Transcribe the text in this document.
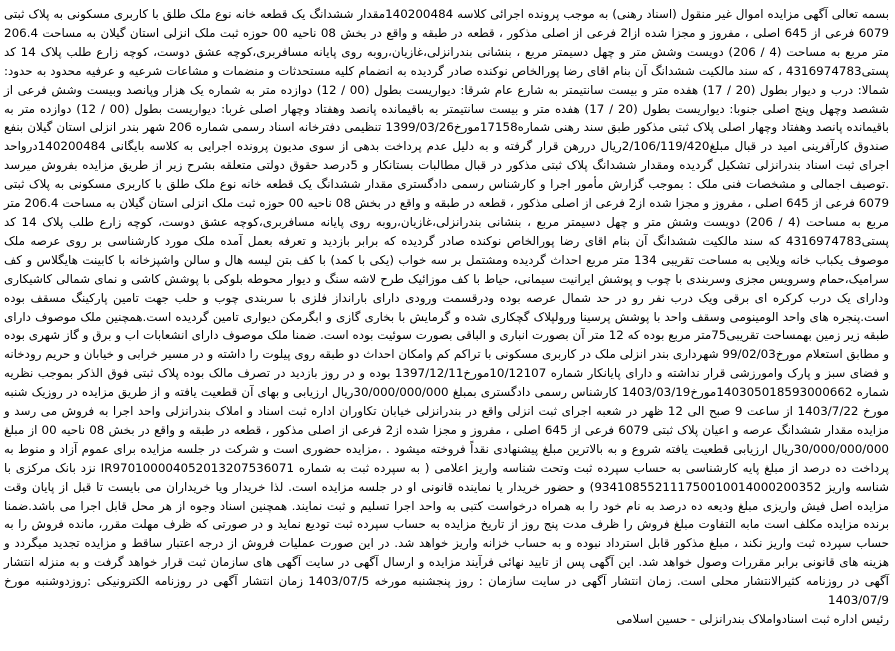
بسمه تعالی آگهی مزایده اموال غیر منقول (اسناد رهنی) به موجب پرونده اجرائی کلاسه 140200484مقدار ششدانگ یک قطعه خانه نوع ملک طلق با کاربری مسکونی به پلاک ثبتی 6079 فرعی از 645 اصلی ، مفروز و مجزا شده ازا2 فرعی از اصلی مذکور ، قطعه در طبقه و واقع در بخش 08 ناحیه 00 حوزه ثبت ملک انزلی استان گیلان به مساحت 206.4 متر مربع به مساحت (4 / 206) دویست وشش متر و چهل دسیمتر مربع ، بنشانی بندرانزلی،غازیان،روبه روی پایانه مسافربری،کوچه عشق دوست، کوچه زارع طلب پلاک 14 کد پستی4316974783 ، که سند مالکیت ششدانگ آن بنام اقای رضا پورالخاص نوکنده صادر گردیده به انضمام کلیه مستحدثات و منضمات و مشاعات شرعیه و عرفیه محدود به حدود: شمالا: درب و دیوار بطول (20 / 17) هفده متر و بیست سانتیمتر به شارع عام شرقا: دیواریست بطول (00 / 12) دوازده متر به شماره یک هزار وپانصد وبیست وشش فرعی از ششصد وچهل وپنج اصلی جنوبا: دیواریست بطول (20 / 17) هفده متر و بیست سانتیمتر به باقیمانده پانصد وهفتاد وچهار اصلی غربا: دیواریست بطول (00 / 12) دوازده متر به باقیمانده پانصد وهفتاد وچهار اصلی پلاک ثبتی مذکور طبق سند رهنی شماره17158مورخ1399/03/26 تنظیمی دفترخانه اسناد رسمی شماره 206 شهر بندر انزلی استان گیلان بنفع صندوق کارآفرینی امید در قبال مبلغ2/106/119/420ریال دررهن قرار گرفته و به دلیل عدم پرداخت بدهی از سوی مدیون پرونده اجرایی به کلاسه بایگانی 140200484درواحد اجرای ثبت اسناد بندرانزلی تشکیل گردیده ومقدار ششدانگ پلاک ثبتی مذکور در قبال مطالبات بستانکار و 5درصد حقوق دولتی متعلقه بشرح زیر از طریق مزایده بفروش میرسد .توصیف اجمالی و مشخصات فنی ملک : بموجب گزارش مأمور اجرا و کارشناس رسمی دادگستری مقدار ششدانگ یک قطعه خانه نوع ملک طلق با کاربری مسکونی به پلاک ثبتی 6079 فرعی از 645 اصلی ، مفروز و مجزا شده از2 فرعی از اصلی مذکور ، قطعه در طبقه و واقع در بخش 08 ناحیه 00 حوزه ثبت ملک انزلی استان گیلان به مساحت 206.4 متر مربع به مساحت (4 / 206) دویست وشش متر و چهل دسیمتر مربع ، بنشانی بندرانزلی،غازیان،روبه روی پایانه مسافربری،کوچه عشق دوست، کوچه زارع طلب پلاک 14 کد پستی4316974783 که سند مالکیت ششدانگ آن بنام اقای رضا پورالخاص نوکنده صادر گردیده که برابر بازدید و تعرفه بعمل آمده ملک مورد کارشناسی بر روی عرصه ملک موصوف یکباب خانه ویلایی به مساحت تقریبی 134 متر مربع احداث گردیده ومشتمل بر سه خواب (یکی با کمد) با کف بتن لیسه هال و سالن واشپزخانه با کابینت هایگلاس و کف سرامیک،حمام وسرویس مجزی وسربندی با چوب و پوشش ایرانیت سیمانی، حیاط با کف موزائیک طرح لاشه سنگ و دیوار محوطه بلوکی با پوشش کاشی و نمای شمالی کاشیکاری ودارای یک درب کرکره ای برقی ویک درب نفر رو در حد شمال عرصه بوده ودرقسمت ورودی دارای بارانداز فلزی با سربندی چوب و حلب جهت تامین پارکینگ مسقف بوده است.پنجره های واحد الومینومی وسقف واحد با پوشش پرسینا ورولپلاک گچکاری شده و گرمایش با بخاری گازی و ابگرمکن دیواری تامین گردیده است.همچنین ملک موصوف دارای طبقه زیر زمین بهمساحت تقریبی75متر مربع بوده که 12 متر آن بصورت انباری و الباقی بصورت سوئیت بوده است. ضمنا ملک موصوف دارای انشعابات اب و برق و گاز شهری بوده و مطابق استعلام مورخ99/02/03 شهرداری بندر انزلی ملک در کاربری مسکونی با تراکم کم وامکان احداث دو طبقه روی پیلوت را داشته و در مسیر خرابی و خیابان و حریم رودخانه و فضای سبز و پارک وامورزشی قرار نداشته و دارای پایانکار شماره 10/12107مورخ1397/12/11 بوده و در روز بازدید در تصرف مالک بوده پلاک ثبتی فوق الذکر بموجب نظریه شماره 140305018593000662مورخ1403/03/19 کارشناس رسمی دادگستری بمبلغ 30/000/000/000ریال ارزیابی و بهای آن قطعیت یافته و از طریق مزایده در روزیک شنبه مورخ 1403/7/22 از ساعت 9 صبح الی 12 ظهر در شعبه اجرای ثبت انزلی واقع در بندرانزلی خیابان تکاوران اداره ثبت اسناد و املاک بندرانزلی واحد اجرا به فروش می رسد و مزایده مقدار ششدانگ عرصه و اعیان پلاک ثبتی 6079 فرعی از 645 اصلی ، مفروز و مجزا شده از2 فرعی از اصلی مذکور ، قطعه در طبقه و واقع در بخش 08 ناحیه 00 از مبلغ 30/000/000/000ریال ارزیابی قطعیت یافته شروع و به بالاترین مبلغ پیشنهادی نقداً فروخته میشود . ،مزایده حضوری است و شرکت در جلسه مزایده برای عموم آزاد و منوط به پرداخت ده درصد از مبلغ پایه کارشناسی به حساب سپرده ثبت وتحت شناسه واریز اعلامی ( به سپرده ثبت به شماره IR970100004052013207536071 نزد بانک مرکزی با شناسه واریز 934108552111750010014000200352) و حضور خریدار یا نماینده قانونی او در جلسه مزایده است. لذا خریدار ویا خریداران می بایست تا قبل از پایان وقت مزایده اصل فیش واریزی مبلغ ودیعه ده درصد به نام خود را به همراه درخواست کتبی به واحد اجرا تسلیم و ثبت نمایند. همچنین اسناد وجوه از هر محل قابل اجرا می باشد.ضمنا برنده مزایده مکلف است مابه التفاوت مبلغ فروش را ظرف مدت پنج روز از تاریخ مزایده به حساب سپرده ثبت تودیع نماید و در صورتی که ظرف مهلت مقرر، مانده فروش را به حساب سپرده ثبت واریز نکند ، مبلغ مذکور قابل استرداد نبوده و به حساب خزانه واریز خواهد شد. در این صورت عملیات فروش از درجه اعتبار ساقط و مزایده تجدید میگردد و هزینه های قانونی برابر مقررات وصول خواهد شد. این آگهی پس از تایید نهائی فرآیند مزایده و ارسال آگهی در سایت آگهی های سازمان ثبت قرار خواهد گرفت و به منزله انتشار آگهی در روزنامه کثیرالانتشار محلی است. زمان انتشار آگهی در سایت سازمان : روز پنجشنبه مورخه 1403/07/5 زمان انتشار آگهی در روزنامه الکترونیکی :روزدوشنبه مورخ 1403/07/9

رئیس اداره ثبت اسنادواملاک بندرانزلی - حسین اسلامی
